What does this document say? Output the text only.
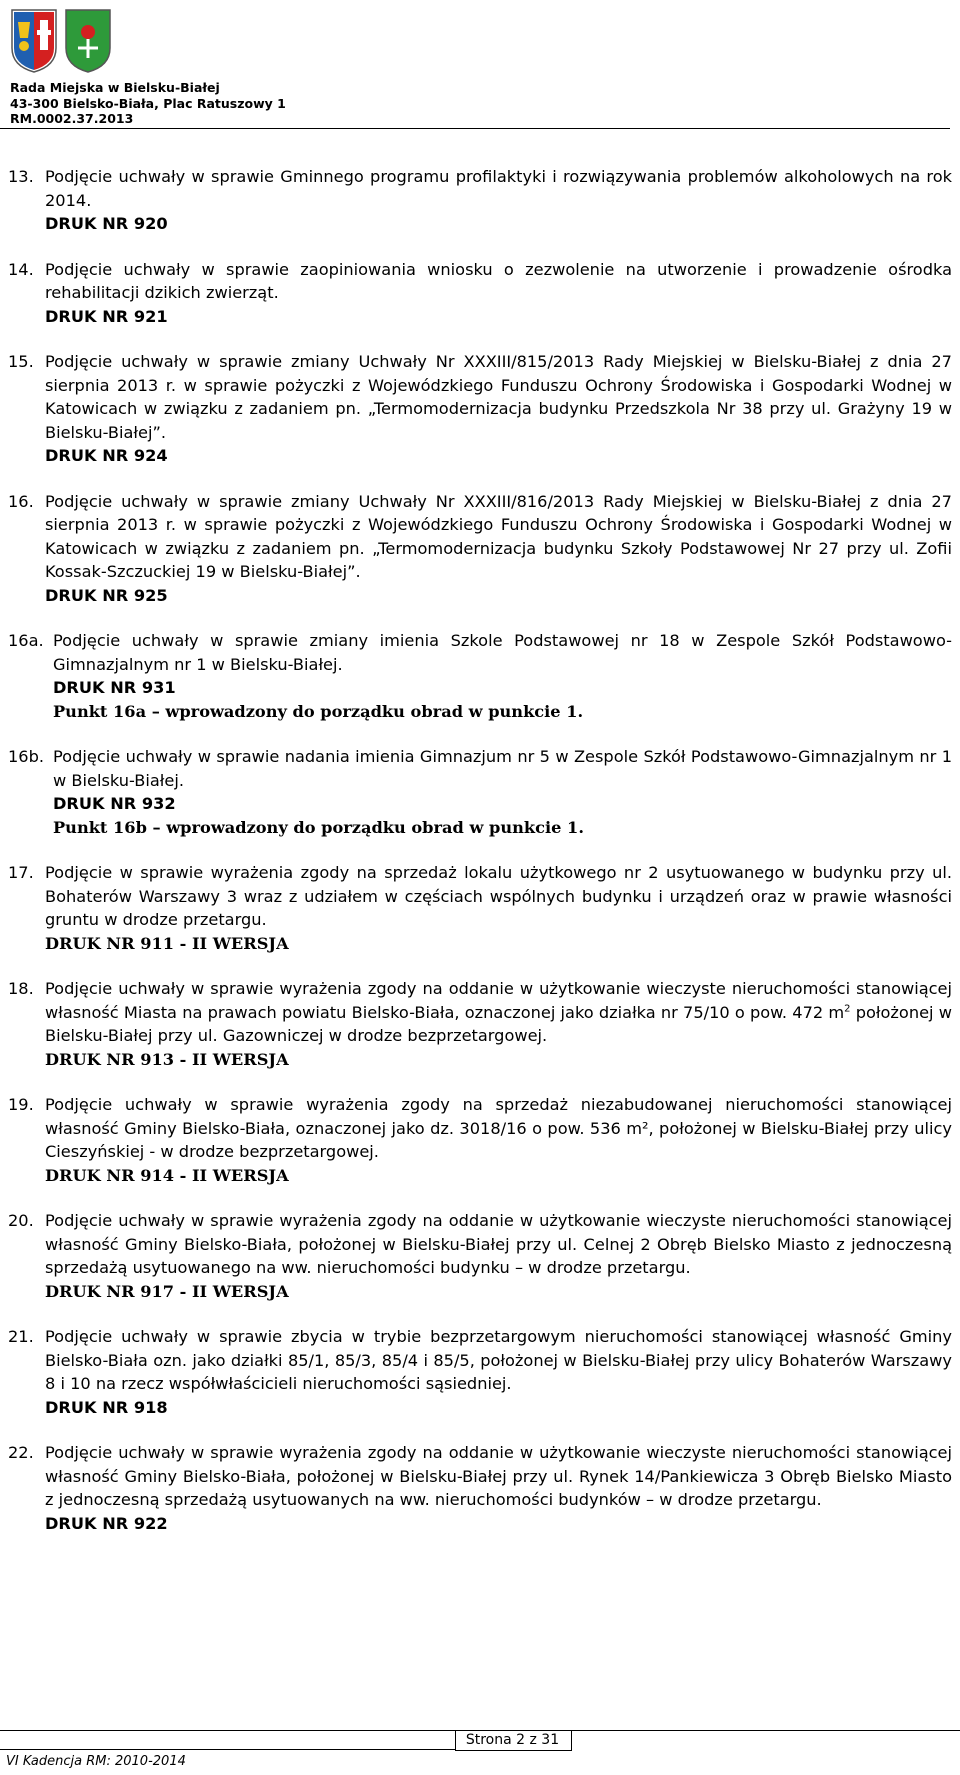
Rada Miejska w Bielsku-Białej
43-300 Bielsko-Biała, Plac Ratuszowy 1
RM.0002.37.2013
13. Podjęcie uchwały w sprawie Gminnego programu profilaktyki i rozwiązywania problemów alkoholowych na rok 2014.
DRUK NR 920
14. Podjęcie uchwały w sprawie zaopiniowania wniosku o zezwolenie na utworzenie i prowadzenie ośrodka rehabilitacji dzikich zwierząt.
DRUK NR 921
15. Podjęcie uchwały w sprawie zmiany Uchwały Nr XXXIII/815/2013 Rady Miejskiej w Bielsku-Białej z dnia 27 sierpnia 2013 r. w sprawie pożyczki z Wojewódzkiego Funduszu Ochrony Środowiska i Gospodarki Wodnej w Katowicach w związku z zadaniem pn. „Termomodernizacja budynku Przedszkola Nr 38 przy ul. Grażyny 19 w Bielsku-Białej”.
DRUK NR 924
16. Podjęcie uchwały w sprawie zmiany Uchwały Nr XXXIII/816/2013 Rady Miejskiej w Bielsku-Białej z dnia 27 sierpnia 2013 r. w sprawie pożyczki z Wojewódzkiego Funduszu Ochrony Środowiska i Gospodarki Wodnej w Katowicach w związku z zadaniem pn. „Termomodernizacja budynku Szkoły Podstawowej Nr 27 przy ul. Zofii Kossak-Szczuckiej 19 w Bielsku-Białej”.
DRUK NR 925
16a. Podjęcie uchwały w sprawie zmiany imienia Szkole Podstawowej nr 18 w Zespole Szkół Podstawowo-Gimnazjalnym nr 1 w Bielsku-Białej.
DRUK NR 931
Punkt 16a – wprowadzony do porządku obrad w punkcie 1.
16b. Podjęcie uchwały w sprawie nadania imienia Gimnazjum nr 5 w Zespole Szkół Podstawowo-Gimnazjalnym nr 1 w Bielsku-Białej.
DRUK NR 932
Punkt 16b – wprowadzony do porządku obrad w punkcie 1.
17. Podjęcie w sprawie wyrażenia zgody na sprzedaż lokalu użytkowego nr 2 usytuowanego w budynku przy ul. Bohaterów Warszawy 3 wraz z udziałem w częściach wspólnych budynku i urządzeń oraz w prawie własności gruntu w drodze przetargu.
DRUK NR 911 - II WERSJA
18. Podjęcie uchwały w sprawie wyrażenia zgody na oddanie w użytkowanie wieczyste nieruchomości stanowiącej własność Miasta na prawach powiatu Bielsko-Biała, oznaczonej jako działka nr 75/10 o pow. 472 $m^2$ położonej w Bielsku-Białej przy ul. Gazowniczej w drodze bezprzetargowej.
DRUK NR 913 - II WERSJA
19. Podjęcie uchwały w sprawie wyrażenia zgody na sprzedaż niezabudowanej nieruchomości stanowiącej własność Gminy Bielsko-Biała, oznaczonej jako dz. 3018/16 o pow. 536 m², położonej w Bielsku-Białej przy ulicy Cieszyńskiej - w drodze bezprzetargowej.
DRUK NR 914 - II WERSJA
20. Podjęcie uchwały w sprawie wyrażenia zgody na oddanie w użytkowanie wieczyste nieruchomości stanowiącej własność Gminy Bielsko-Biała, położonej w Bielsku-Białej przy ul. Celnej 2 Obręb Bielsko Miasto z jednoczesną sprzedażą usytuowanego na ww. nieruchomości budynku – w drodze przetargu.
DRUK NR 917 - II WERSJA
21. Podjęcie uchwały w sprawie zbycia w trybie bezprzetargowym nieruchomości stanowiącej własność Gminy Bielsko-Biała ozn. jako działki 85/1, 85/3, 85/4 i 85/5, położonej w Bielsku-Białej przy ulicy Bohaterów Warszawy 8 i 10 na rzecz współwłaścicieli nieruchomości sąsiedniej.
DRUK NR 918
22. Podjęcie uchwały w sprawie wyrażenia zgody na oddanie w użytkowanie wieczyste nieruchomości stanowiącej własność Gminy Bielsko-Biała, położonej w Bielsku-Białej przy ul. Rynek 14/Pankiewicza 3 Obręb Bielsko Miasto z jednoczesną sprzedażą usytuowanych na ww. nieruchomości budynków – w drodze przetargu.
DRUK NR 922
Strona 2 z 31
VI Kadencja RM: 2010-2014
